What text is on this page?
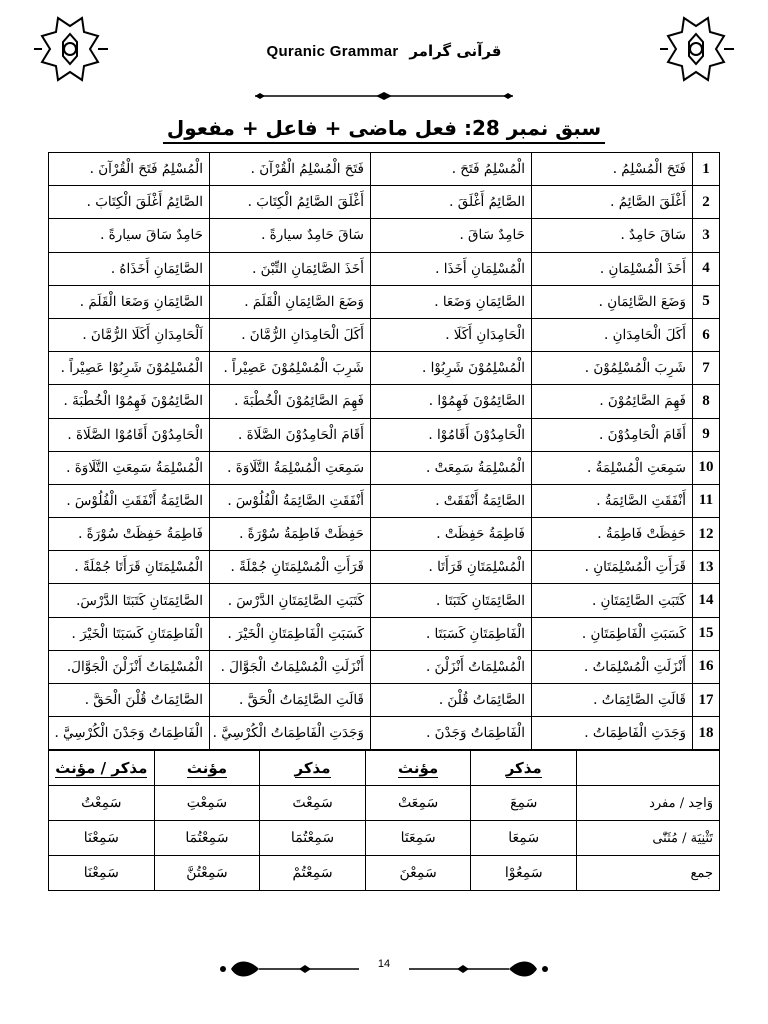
Quranic Grammar قرآنی گرامر
سبق نمبر 28: فعل ماضی + فاعل + مفعول
1	فَتَحَ الْمُسْلِمُ .	الْمُسْلِمُ فَتَحَ .	فَتَحَ الْمُسْلِمُ الْقُرْآنَ .	الْمُسْلِمُ فَتَحَ الْقُرْآنَ .
2	أَغْلَقَ الصَّائِمُ .	الصَّائِمُ أَغْلَقَ .	أَغْلَقَ الصَّائِمُ الْكِتَابَ .	الصَّائِمُ أَغْلَقَ الْكِتَابَ .
3	سَاقَ حَامِدٌ .	حَامِدٌ سَاقَ .	سَاقَ حَامِدٌ سيارةً .	حَامِدٌ سَاقَ سيارةً .
4	أَخَذَ الْمُسْلِمَانِ .	الْمُسْلِمَانِ أَخَذَا .	أَخَذَ الصَّائِمَانِ التِّبْنَ .	الصَّائِمَانِ أَخَذَاهُ .
5	وَضَعَ الصَّائِمَانِ .	الصَّائِمَانِ وَضَعَا .	وَضَعَ الصَّائِمَانِ الْقَلَمَ .	الصَّائِمَانِ وَضَعَا الْقَلَمَ .
6	أَكَلَ الْحَامِدَانِ .	الْحَامِدَانِ أَكَلَا .	أَكَلَ الْحَامِدَانِ الرُّمَّانَ .	اَلْحَامِدَانِ أَكَلَا الرُّمَّانَ .
7	شَرِبَ الْمُسْلِمُوْنَ .	الْمُسْلِمُوْنَ شَرِبُوْا .	شَرِبَ الْمُسْلِمُوْنَ عَصِيْراً .	الْمُسْلِمُوْنَ شَرِبُوْا عَصِيْراً .
8	فَهِمَ الصَّائِمُوْنَ .	الصَّائِمُوْنَ فَهِمُوْا .	فَهِمَ الصَّائِمُوْنَ الْخُطْبَةَ .	الصَّائِمُوْنَ فَهِمُوْا الْخُطْبَةَ .
9	أَقَامَ الْحَامِدُوْنَ .	الْحَامِدُوْنَ أَقَامُوْا .	أَقَامَ الْحَامِدُوْنَ الصَّلَاةَ .	الْحَامِدُوْنَ أَقَامُوْا الصَّلَاةَ .
10	سَمِعَتِ الْمُسْلِمَةُ .	الْمُسْلِمَةُ سَمِعَتْ .	سَمِعَتِ الْمُسْلِمَةُ التَّلَاوَةَ .	الْمُسْلِمَةُ سَمِعَتِ التَّلَاوَةَ .
11	أَنْفَقَتِ الصَّائِمَةُ .	الصَّائِمَةُ أَنْفَقَتْ .	أَنْفَقَتِ الصَّائِمَةُ الْفُلُوْسَ .	الصَّائِمَةُ أَنْفَقَتِ الْفُلُوْسَ .
12	حَفِظَتْ فَاطِمَةُ .	فَاطِمَةُ حَفِظَتْ .	حَفِظَتْ فَاطِمَةُ سُوْرَةً .	فَاطِمَةُ حَفِظَتْ سُوْرَةً .
13	قَرَأَتِ الْمُسْلِمَتَانِ .	الْمُسْلِمَتَانِ قَرَأَتَا .	قَرَأَتِ الْمُسْلِمَتَانِ جُمْلَةً .	الْمُسْلِمَتَانِ قَرَأَتَا جُمْلَةً .
14	كَتَبَتِ الصَّائِمَتَانِ .	الصَّائِمَتَانِ كَتَبَتَا .	كَتَبَتِ الصَّائِمَتَانِ الدَّرْسَ .	الصَّائِمَتَانِ كَتَبَتَا الدَّرْسَ.
15	كَسَبَتِ الْفَاطِمَتَانِ .	الْفَاطِمَتَانِ كَسَبَتَا .	كَسَبَتِ الْفَاطِمَتَانِ الْخَيْرَ .	الْفَاطِمَتَانِ كَسَبَتَا الْخَيْرَ .
16	أَنْزَلَتِ الْمُسْلِمَاتُ .	الْمُسْلِمَاتُ أَنْزَلْنَ .	أَنْزَلَتِ الْمُسْلِمَاتُ الْجَوَّالَ .	الْمُسْلِمَاتُ أَنْزَلْنَ الْجَوَّالَ.
17	قَالَتِ الصَّائِمَاتُ .	الصَّائِمَاتُ قُلْنَ .	قَالَتِ الصَّائِمَاتُ الْحَقَّ .	الصَّائِمَاتُ قُلْنَ الْحَقَّ .
18	وَجَدَتِ الْفَاطِمَاتُ .	الْفَاطِمَاتُ وَجَدْنَ .	وَجَدَتِ الْفَاطِمَاتُ الْكُرْسِيَّ .	الْفَاطِمَاتُ وَجَدْنَ الْكُرْسِيَّ .
	مذكر	مؤنث	مذكر	مؤنث	مذكر / مؤنث
وَاحِد / مفرد	سَمِعَ	سَمِعَتْ	سَمِعْتَ	سَمِعْتِ	سَمِعْتُ
تَثْنِيَة / مُثَنّٰى	سَمِعَا	سَمِعَتَا	سَمِعْتُمَا	سَمِعْتُمَا	سَمِعْنَا
جمع	سَمِعُوْا	سَمِعْنَ	سَمِعْتُمْ	سَمِعْتُنَّ	سَمِعْنَا
14
